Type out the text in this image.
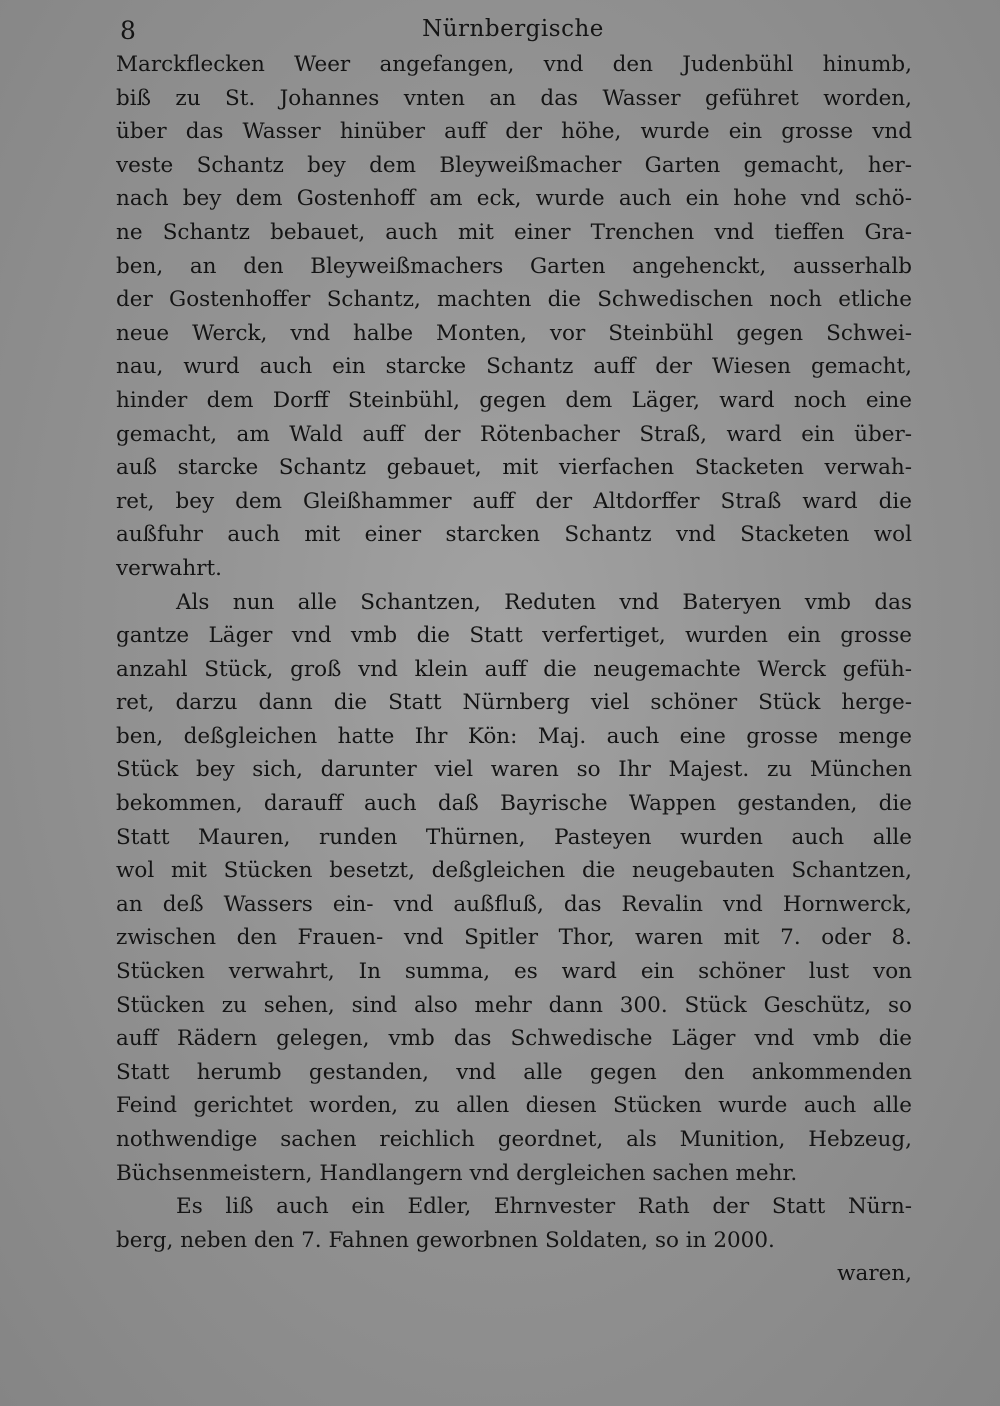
8	Nürnbergische
Marckflecken Weer angefangen, vnd den Judenbühl hinumb,
biß zu St. Johannes vnten an das Wasser geführet worden,
über das Wasser hinüber auff der höhe, wurde ein grosse vnd
veste Schantz bey dem Bleyweißmacher Garten gemacht, her-
nach bey dem Gostenhoff am eck, wurde auch ein hohe vnd schö-
ne Schantz bebauet, auch mit einer Trenchen vnd tieffen Gra-
ben, an den Bleyweißmachers Garten angehenckt, ausserhalb
der Gostenhoffer Schantz, machten die Schwedischen noch etliche
neue Werck, vnd halbe Monten, vor Steinbühl gegen Schwei-
nau, wurd auch ein starcke Schantz auff der Wiesen gemacht,
hinder dem Dorff Steinbühl, gegen dem Läger, ward noch eine
gemacht, am Wald auff der Rötenbacher Straß, ward ein über-
auß starcke Schantz gebauet, mit vierfachen Stacketen verwah-
ret, bey dem Gleißhammer auff der Altdorffer Straß ward die
außfuhr auch mit einer starcken Schantz vnd Stacketen wol
verwahrt.
Als nun alle Schantzen, Reduten vnd Bateryen vmb das
gantze Läger vnd vmb die Statt verfertiget, wurden ein grosse
anzahl Stück, groß vnd klein auff die neugemachte Werck gefüh-
ret, darzu dann die Statt Nürnberg viel schöner Stück herge-
ben, deßgleichen hatte Ihr Kön: Maj. auch eine grosse menge
Stück bey sich, darunter viel waren so Ihr Majest. zu München
bekommen, darauff auch daß Bayrische Wappen gestanden, die
Statt Mauren, runden Thürnen, Pasteyen wurden auch alle
wol mit Stücken besetzt, deßgleichen die neugebauten Schantzen,
an deß Wassers ein- vnd außfluß, das Revalin vnd Hornwerck,
zwischen den Frauen- vnd Spitler Thor, waren mit 7. oder 8.
Stücken verwahrt, In summa, es ward ein schöner lust von
Stücken zu sehen, sind also mehr dann 300. Stück Geschütz, so
auff Rädern gelegen, vmb das Schwedische Läger vnd vmb die
Statt herumb gestanden, vnd alle gegen den ankommenden
Feind gerichtet worden, zu allen diesen Stücken wurde auch alle
nothwendige sachen reichlich geordnet, als Munition, Hebzeug,
Büchsenmeistern, Handlangern vnd dergleichen sachen mehr.
Es liß auch ein Edler, Ehrnvester Rath der Statt Nürn-
berg, neben den 7. Fahnen geworbnen Soldaten, so in 2000.
waren,
